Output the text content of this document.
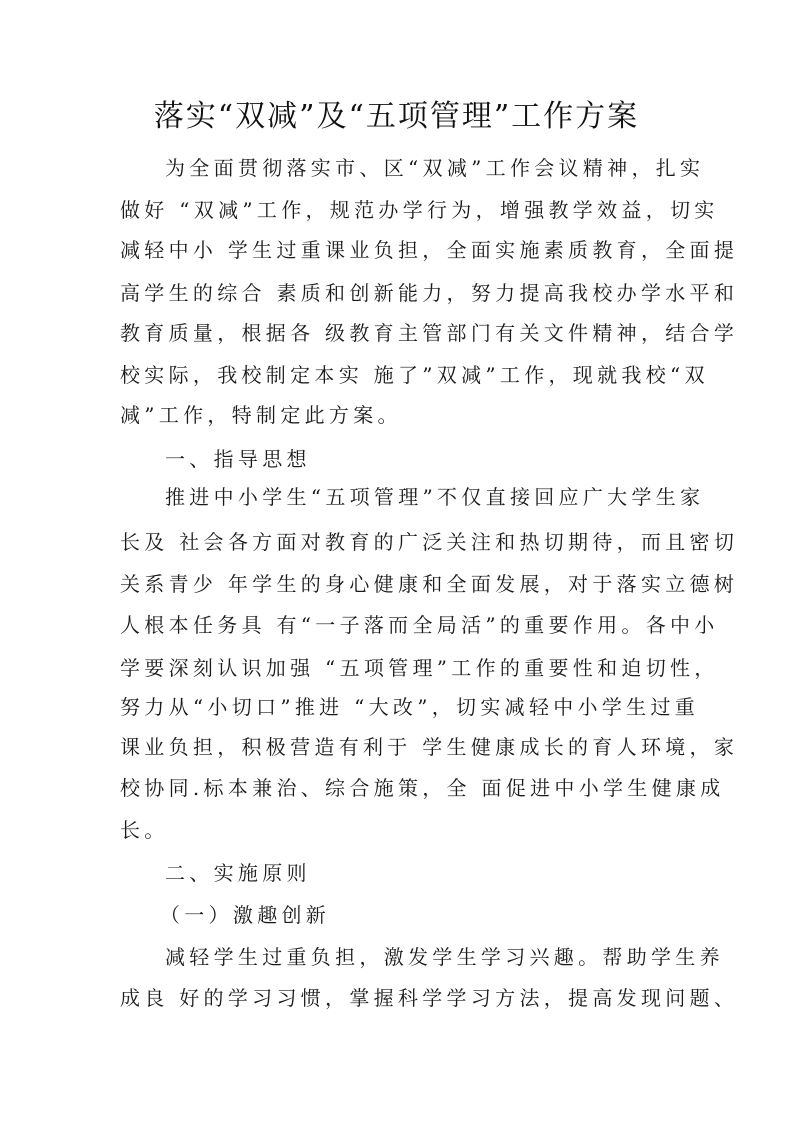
落实“双减”及“五项管理”工作方案
为全面贯彻落实市、区“双减”工作会议精神，扎实
做好 “双减”工作，规范办学行为，增强教学效益，切实
减轻中小 学生过重课业负担，全面实施素质教育，全面提
高学生的综合 素质和创新能力，努力提高我校办学水平和
教育质量，根据各 级教育主管部门有关文件精神，结合学
校实际，我校制定本实 施了”双减”工作，现就我校“双
减”工作，特制定此方案。
一、指导思想
推进中小学生“五项管理”不仅直接回应广大学生家
长及 社会各方面对教育的广泛关注和热切期待，而且密切
关系青少 年学生的身心健康和全面发展，对于落实立德树
人根本任务具 有“一子落而全局活”的重要作用。各中小
学要深刻认识加强 “五项管理”工作的重要性和迫切性，
努力从“小切口”推进 “大改”，切实减轻中小学生过重
课业负担，积极营造有利于 学生健康成长的育人环境，家
校协同.标本兼治、综合施策，全 面促进中小学生健康成
长。
二、实施原则
（一）激趣创新
减轻学生过重负担，激发学生学习兴趣。帮助学生养
成良 好的学习习惯，掌握科学学习方法，提高发现问题、
